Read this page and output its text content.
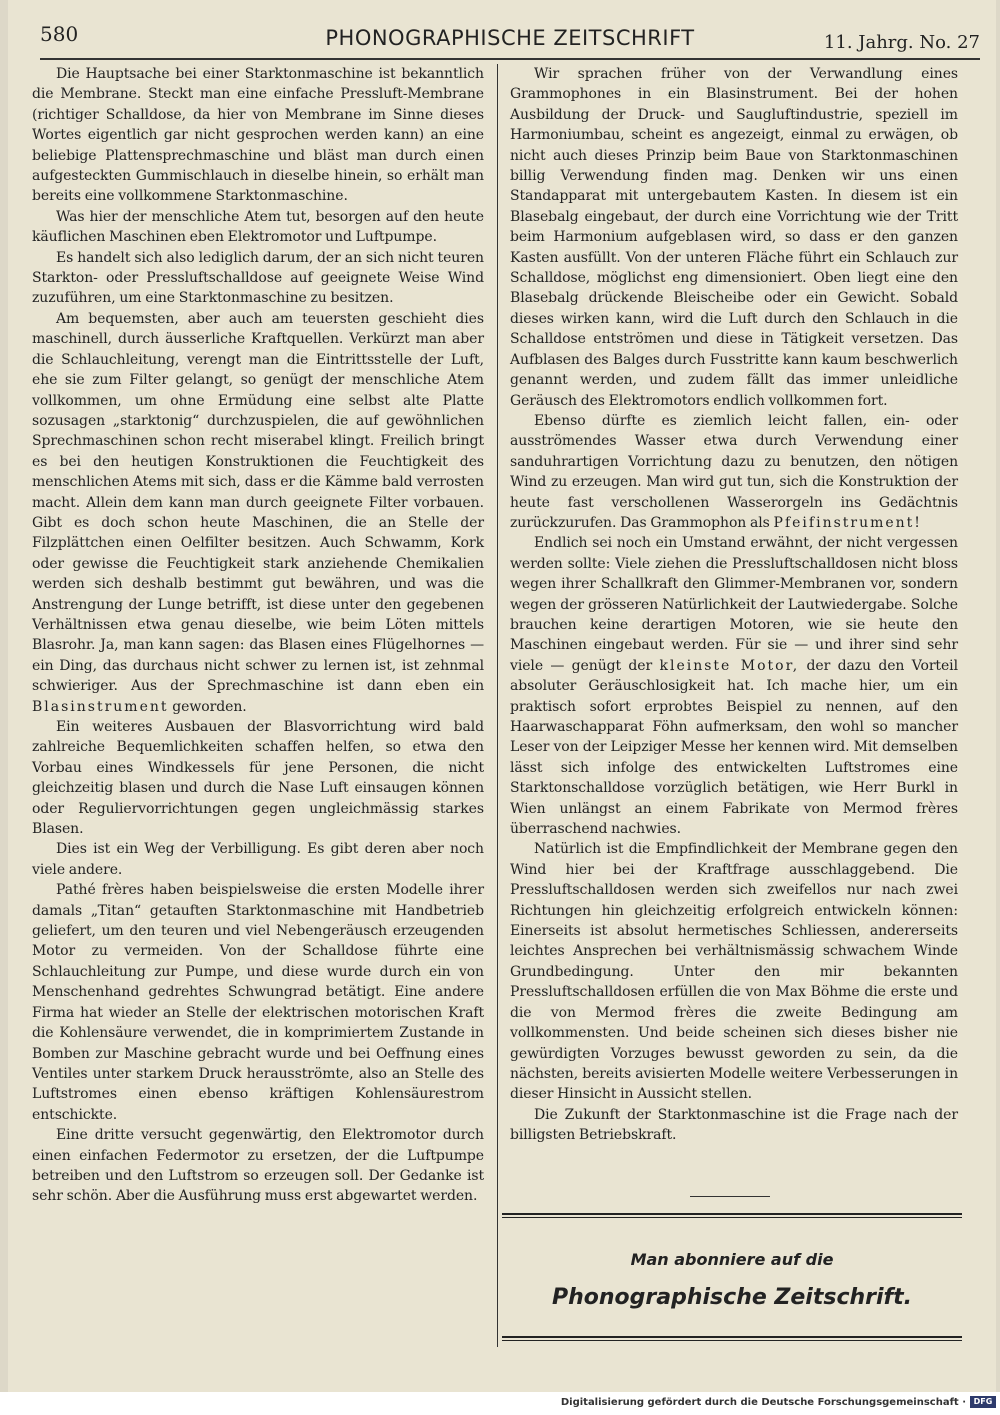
580	PHONOGRAPHISCHE ZEITSCHRIFT	11. Jahrg. No. 27

Die Hauptsache bei einer Starktonmaschine ist bekanntlich die Membrane. Steckt man eine einfache Pressluft-Membrane (richtiger Schalldose, da hier von Membrane im Sinne dieses Wortes eigentlich gar nicht gesprochen werden kann) an eine beliebige Plattensprechmaschine und bläst man durch einen aufgesteckten Gummischlauch in dieselbe hinein, so erhält man bereits eine vollkommene Starktonmaschine.

Was hier der menschliche Atem tut, besorgen auf den heute käuflichen Maschinen eben Elektromotor und Luftpumpe.

Es handelt sich also lediglich darum, der an sich nicht teuren Starkton- oder Pressluftschalldose auf geeignete Weise Wind zuzuführen, um eine Starktonmaschine zu besitzen.

Am bequemsten, aber auch am teuersten geschieht dies maschinell, durch äusserliche Kraftquellen. Verkürzt man aber die Schlauchleitung, verengt man die Eintrittsstelle der Luft, ehe sie zum Filter gelangt, so genügt der menschliche Atem vollkommen, um ohne Ermüdung eine selbst alte Platte sozusagen „starktonig“ durchzuspielen, die auf gewöhnlichen Sprechmaschinen schon recht miserabel klingt. Freilich bringt es bei den heutigen Konstruktionen die Feuchtigkeit des menschlichen Atems mit sich, dass er die Kämme bald verrosten macht. Allein dem kann man durch geeignete Filter vorbauen. Gibt es doch schon heute Maschinen, die an Stelle der Filzplättchen einen Oelfilter besitzen. Auch Schwamm, Kork oder gewisse die Feuchtigkeit stark anziehende Chemikalien werden sich deshalb bestimmt gut bewähren, und was die Anstrengung der Lunge betrifft, ist diese unter den gegebenen Verhältnissen etwa genau dieselbe, wie beim Löten mittels Blasrohr. Ja, man kann sagen: das Blasen eines Flügelhornes — ein Ding, das durchaus nicht schwer zu lernen ist, ist zehnmal schwieriger. Aus der Sprechmaschine ist dann eben ein Blasinstrument geworden.

Ein weiteres Ausbauen der Blasvorrichtung wird bald zahlreiche Bequemlichkeiten schaffen helfen, so etwa den Vorbau eines Windkessels für jene Personen, die nicht gleichzeitig blasen und durch die Nase Luft einsaugen können oder Reguliervorrichtungen gegen ungleichmässig starkes Blasen.

Dies ist ein Weg der Verbilligung. Es gibt deren aber noch viele andere.

Pathé frères haben beispielsweise die ersten Modelle ihrer damals „Titan“ getauften Starktonmaschine mit Handbetrieb geliefert, um den teuren und viel Nebengeräusch erzeugenden Motor zu vermeiden. Von der Schalldose führte eine Schlauchleitung zur Pumpe, und diese wurde durch ein von Menschenhand gedrehtes Schwungrad betätigt. Eine andere Firma hat wieder an Stelle der elektrischen motorischen Kraft die Kohlensäure verwendet, die in komprimiertem Zustande in Bomben zur Maschine gebracht wurde und bei Oeffnung eines Ventiles unter starkem Druck herausströmte, also an Stelle des Luftstromes einen ebenso kräftigen Kohlensäurestrom entschickte.

Eine dritte versucht gegenwärtig, den Elektromotor durch einen einfachen Federmotor zu ersetzen, der die Luftpumpe betreiben und den Luftstrom so erzeugen soll. Der Gedanke ist sehr schön. Aber die Ausführung muss erst abgewartet werden.

Wir sprachen früher von der Verwandlung eines Grammophones in ein Blasinstrument. Bei der hohen Ausbildung der Druck- und Saugluftindustrie, speziell im Harmoniumbau, scheint es angezeigt, einmal zu erwägen, ob nicht auch dieses Prinzip beim Baue von Starktonmaschinen billig Verwendung finden mag. Denken wir uns einen Standapparat mit untergebautem Kasten. In diesem ist ein Blasebalg eingebaut, der durch eine Vorrichtung wie der Tritt beim Harmonium aufgeblasen wird, so dass er den ganzen Kasten ausfüllt. Von der unteren Fläche führt ein Schlauch zur Schalldose, möglichst eng dimensioniert. Oben liegt eine den Blasebalg drückende Bleischeibe oder ein Gewicht. Sobald dieses wirken kann, wird die Luft durch den Schlauch in die Schalldose entströmen und diese in Tätigkeit versetzen. Das Aufblasen des Balges durch Fusstritte kann kaum beschwerlich genannt werden, und zudem fällt das immer unleidliche Geräusch des Elektromotors endlich vollkommen fort.

Ebenso dürfte es ziemlich leicht fallen, ein- oder ausströmendes Wasser etwa durch Verwendung einer sanduhrartigen Vorrichtung dazu zu benutzen, den nötigen Wind zu erzeugen. Man wird gut tun, sich die Konstruktion der heute fast verschollenen Wasserorgeln ins Gedächtnis zurückzurufen. Das Grammophon als Pfeifinstrument!

Endlich sei noch ein Umstand erwähnt, der nicht vergessen werden sollte: Viele ziehen die Pressluftschalldosen nicht bloss wegen ihrer Schallkraft den Glimmer-Membranen vor, sondern wegen der grösseren Natürlichkeit der Lautwiedergabe. Solche brauchen keine derartigen Motoren, wie sie heute den Maschinen eingebaut werden. Für sie — und ihrer sind sehr viele — genügt der kleinste Motor, der dazu den Vorteil absoluter Geräuschlosigkeit hat. Ich mache hier, um ein praktisch sofort erprobtes Beispiel zu nennen, auf den Haarwaschapparat Föhn aufmerksam, den wohl so mancher Leser von der Leipziger Messe her kennen wird. Mit demselben lässt sich infolge des entwickelten Luftstromes eine Starktonschalldose vorzüglich betätigen, wie Herr Burkl in Wien unlängst an einem Fabrikate von Mermod frères überraschend nachwies.

Natürlich ist die Empfindlichkeit der Membrane gegen den Wind hier bei der Kraftfrage ausschlaggebend. Die Pressluftschalldosen werden sich zweifellos nur nach zwei Richtungen hin gleichzeitig erfolgreich entwickeln können: Einerseits ist absolut hermetisches Schliessen, andererseits leichtes Ansprechen bei verhältnismässig schwachem Winde Grundbedingung. Unter den mir bekannten Pressluftschalldosen erfüllen die von Max Böhme die erste und die von Mermod frères die zweite Bedingung am vollkommensten. Und beide scheinen sich dieses bisher nie gewürdigten Vorzuges bewusst geworden zu sein, da die nächsten, bereits avisierten Modelle weitere Verbesserungen in dieser Hinsicht in Aussicht stellen.

Die Zukunft der Starktonmaschine ist die Frage nach der billigsten Betriebskraft.

Man abonniere auf die
Phonographische Zeitschrift.
Digitalisierung gefördert durch die Deutsche Forschungsgemeinschaft · DFG
